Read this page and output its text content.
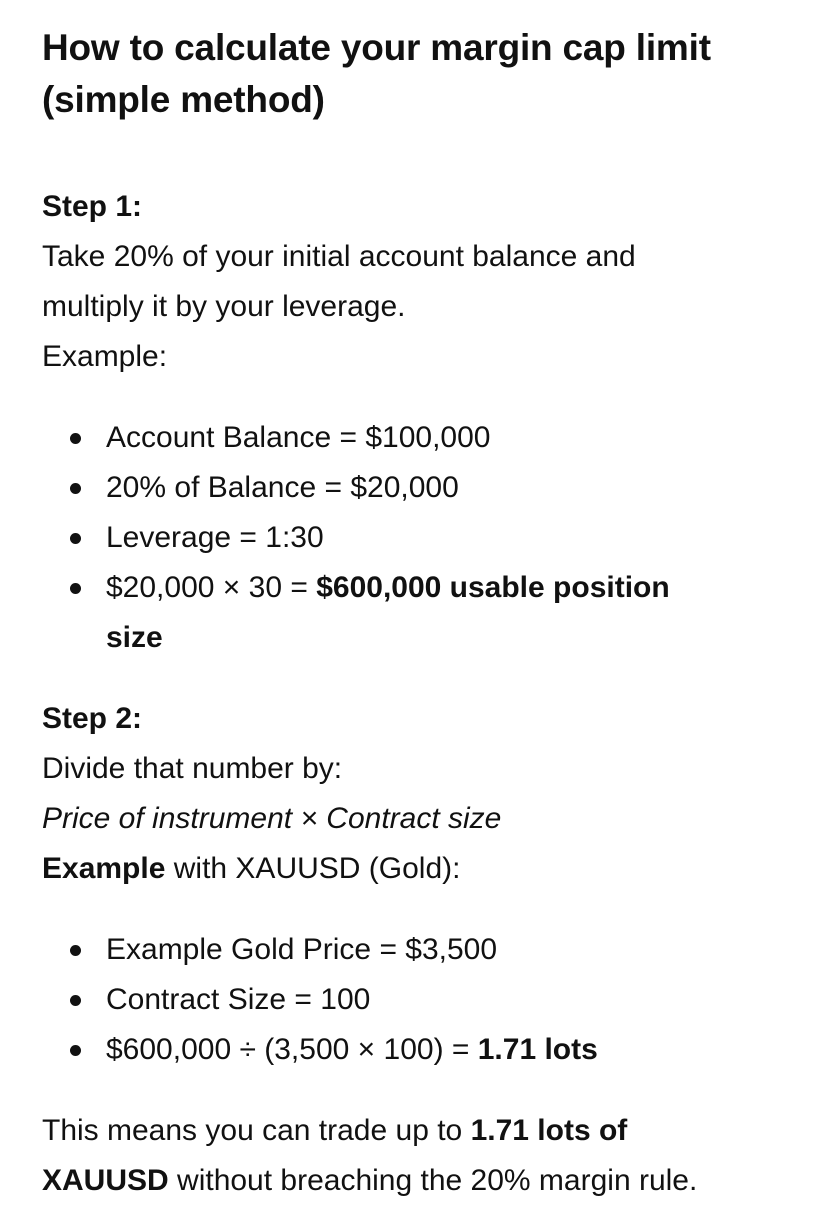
How to calculate your margin cap limit
(simple method)

Step 1:

Take 20% of your initial account balance and

multiply it by your leverage.

Example:

Account Balance = $100,000
20% of Balance = $20,000
Leverage = 1:30
$20,000 × 30 = $600,000 usable position
size

Step 2:

Divide that number by:

Price of instrument × Contract size

Example with XAUUSD (Gold):

Example Gold Price = $3,500
Contract Size = 100
$600,000 ÷ (3,500 × 100) = 1.71 lots

This means you can trade up to 1.71 lots of

XAUUSD without breaching the 20% margin rule.
